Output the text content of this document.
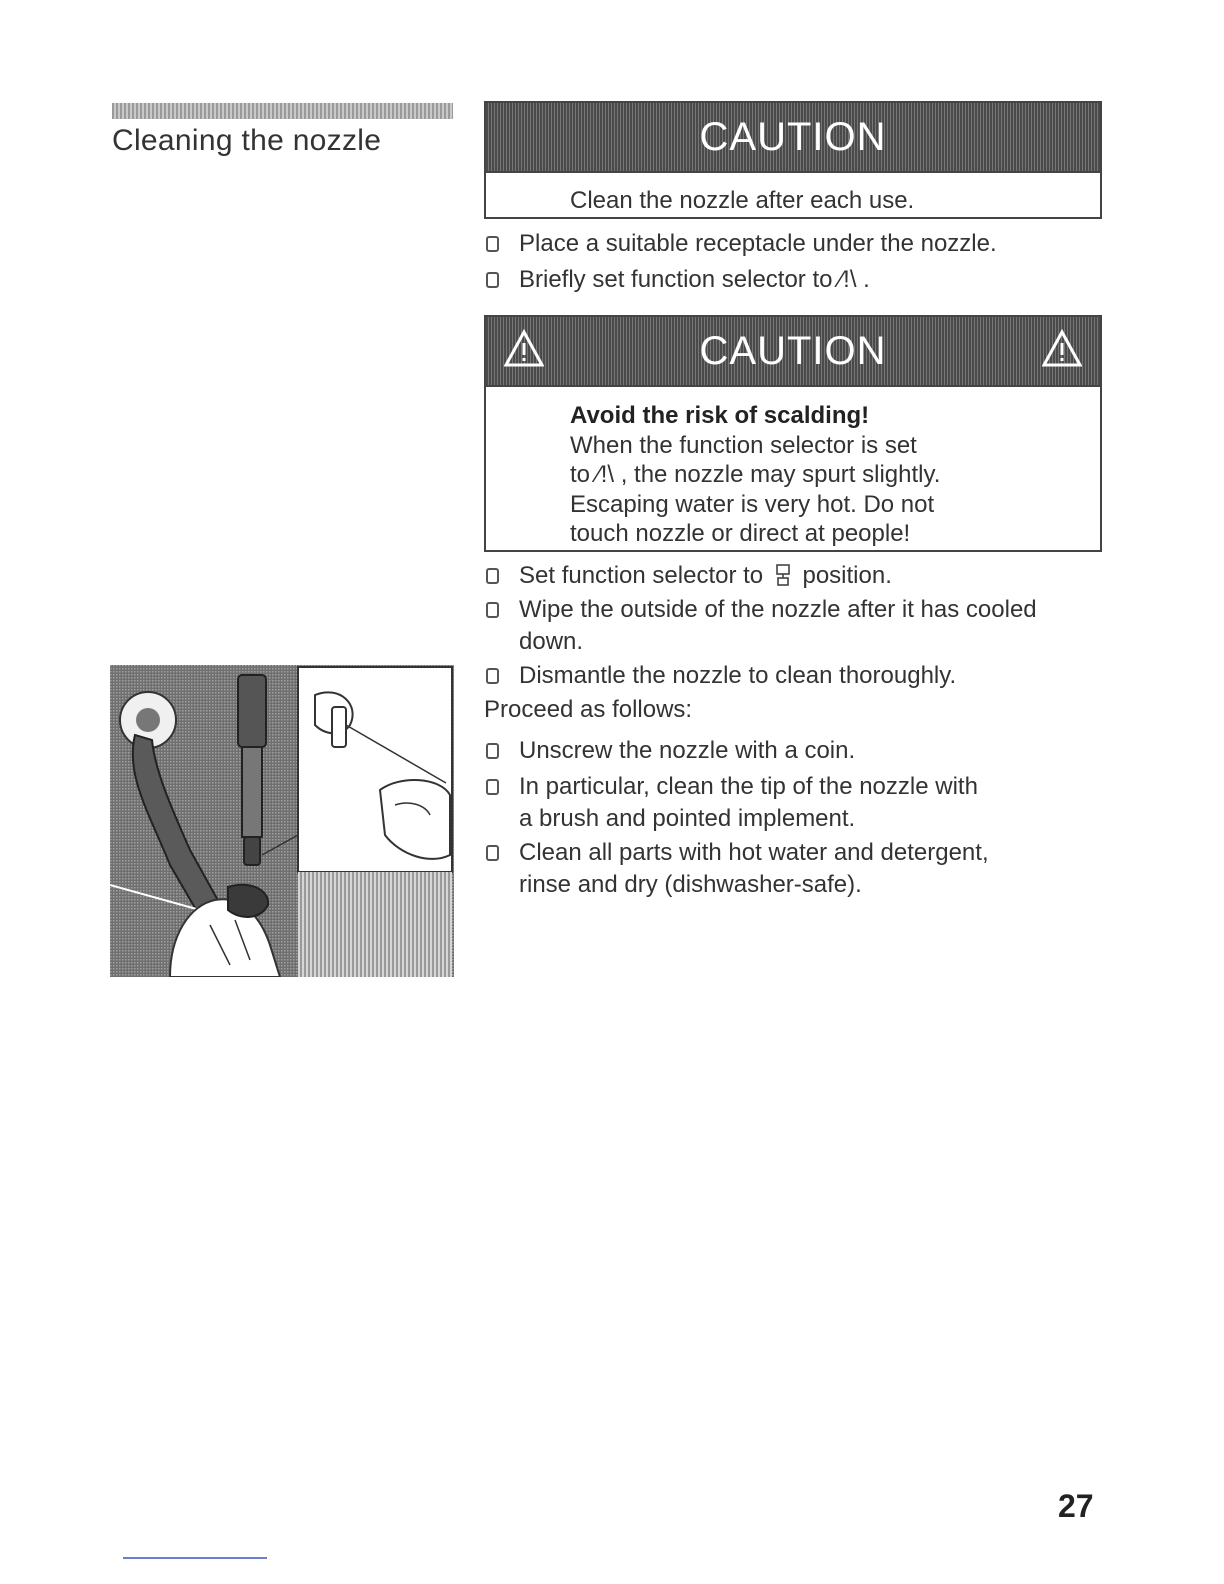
Cleaning the nozzle	CAUTION
Clean the nozzle after each use.
Place a suitable receptacle under the nozzle.
Briefly set function selector to ⁄!\ .
CAUTION
Avoid the risk of scalding!
When the function selector is set
to ⁄!\ , the nozzle may spurt slightly.
Escaping water is very hot. Do not
touch nozzle or direct at people!
Set function selector to position.
Wipe the outside of the nozzle after it has cooled
down.
Dismantle the nozzle to clean thoroughly.
Proceed as follows:
Unscrew the nozzle with a coin.
In particular, clean the tip of the nozzle with
a brush and pointed implement.
Clean all parts with hot water and detergent,
rinse and dry (dishwasher-safe).
27
